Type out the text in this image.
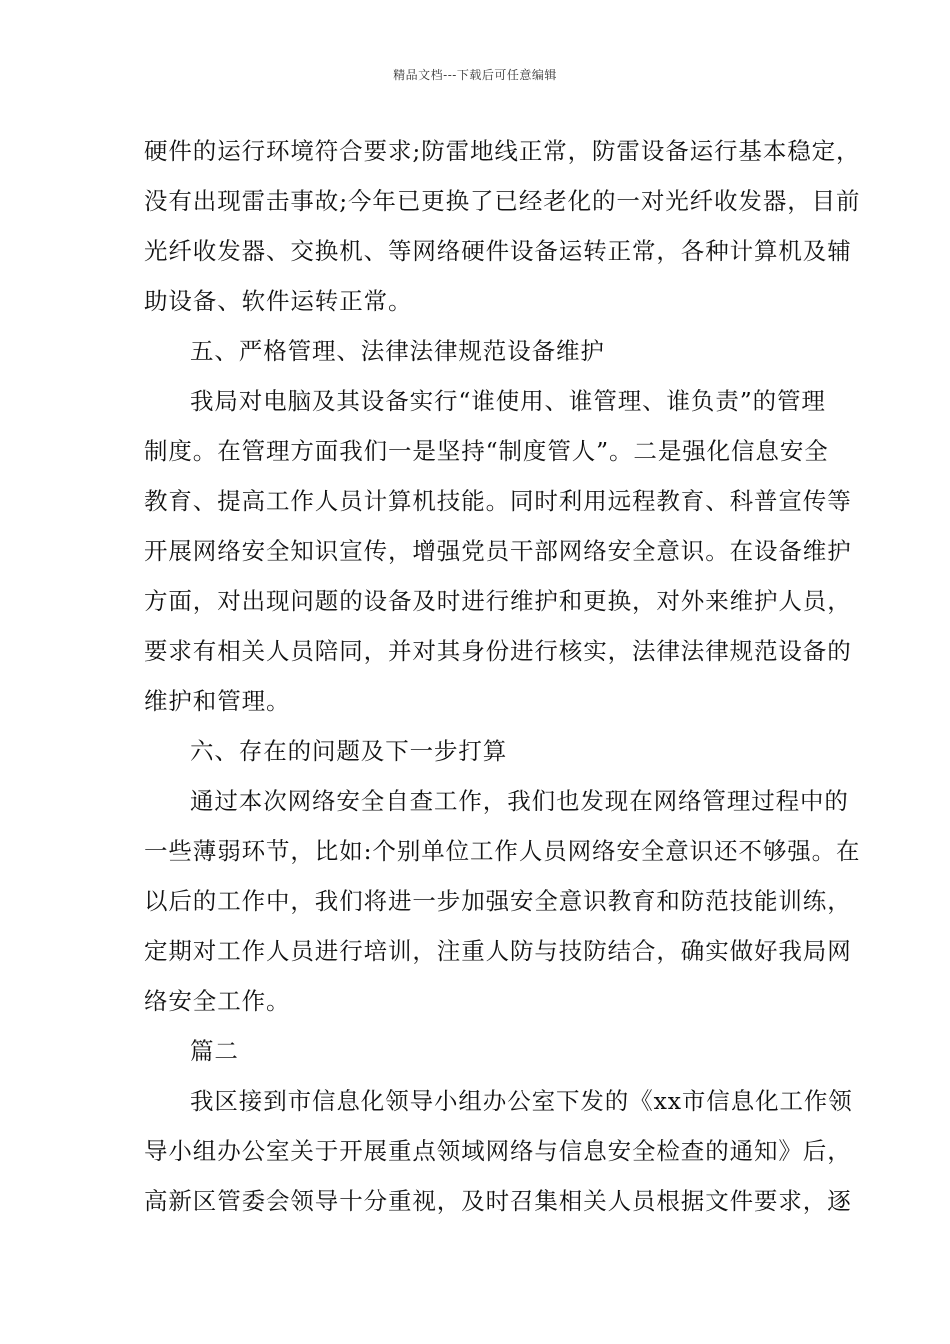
精品文档---下载后可任意编辑
硬件的运行环境符合要求;防雷地线正常，防雷设备运行基本稳定，
没有出现雷击事故;今年已更换了已经老化的一对光纤收发器，目前
光纤收发器、交换机、等网络硬件设备运转正常，各种计算机及辅
助设备、软件运转正常。
五、严格管理、法律法律规范设备维护
我局对电脑及其设备实行“谁使用、谁管理、谁负责”的管理
制度。在管理方面我们一是坚持“制度管人”。二是强化信息安全
教育、提高工作人员计算机技能。同时利用远程教育、科普宣传等
开展网络安全知识宣传，增强党员干部网络安全意识。在设备维护
方面，对出现问题的设备及时进行维护和更换，对外来维护人员，
要求有相关人员陪同，并对其身份进行核实，法律法律规范设备的
维护和管理。
六、存在的问题及下一步打算
通过本次网络安全自查工作，我们也发现在网络管理过程中的
一些薄弱环节，比如:个别单位工作人员网络安全意识还不够强。在
以后的工作中，我们将进一步加强安全意识教育和防范技能训练，
定期对工作人员进行培训，注重人防与技防结合，确实做好我局网
络安全工作。
篇二
我区接到市信息化领导小组办公室下发的《xx市信息化工作领
导小组办公室关于开展重点领域网络与信息安全检查的通知》后，
高新区管委会领导十分重视，及时召集相关人员根据文件要求，逐
